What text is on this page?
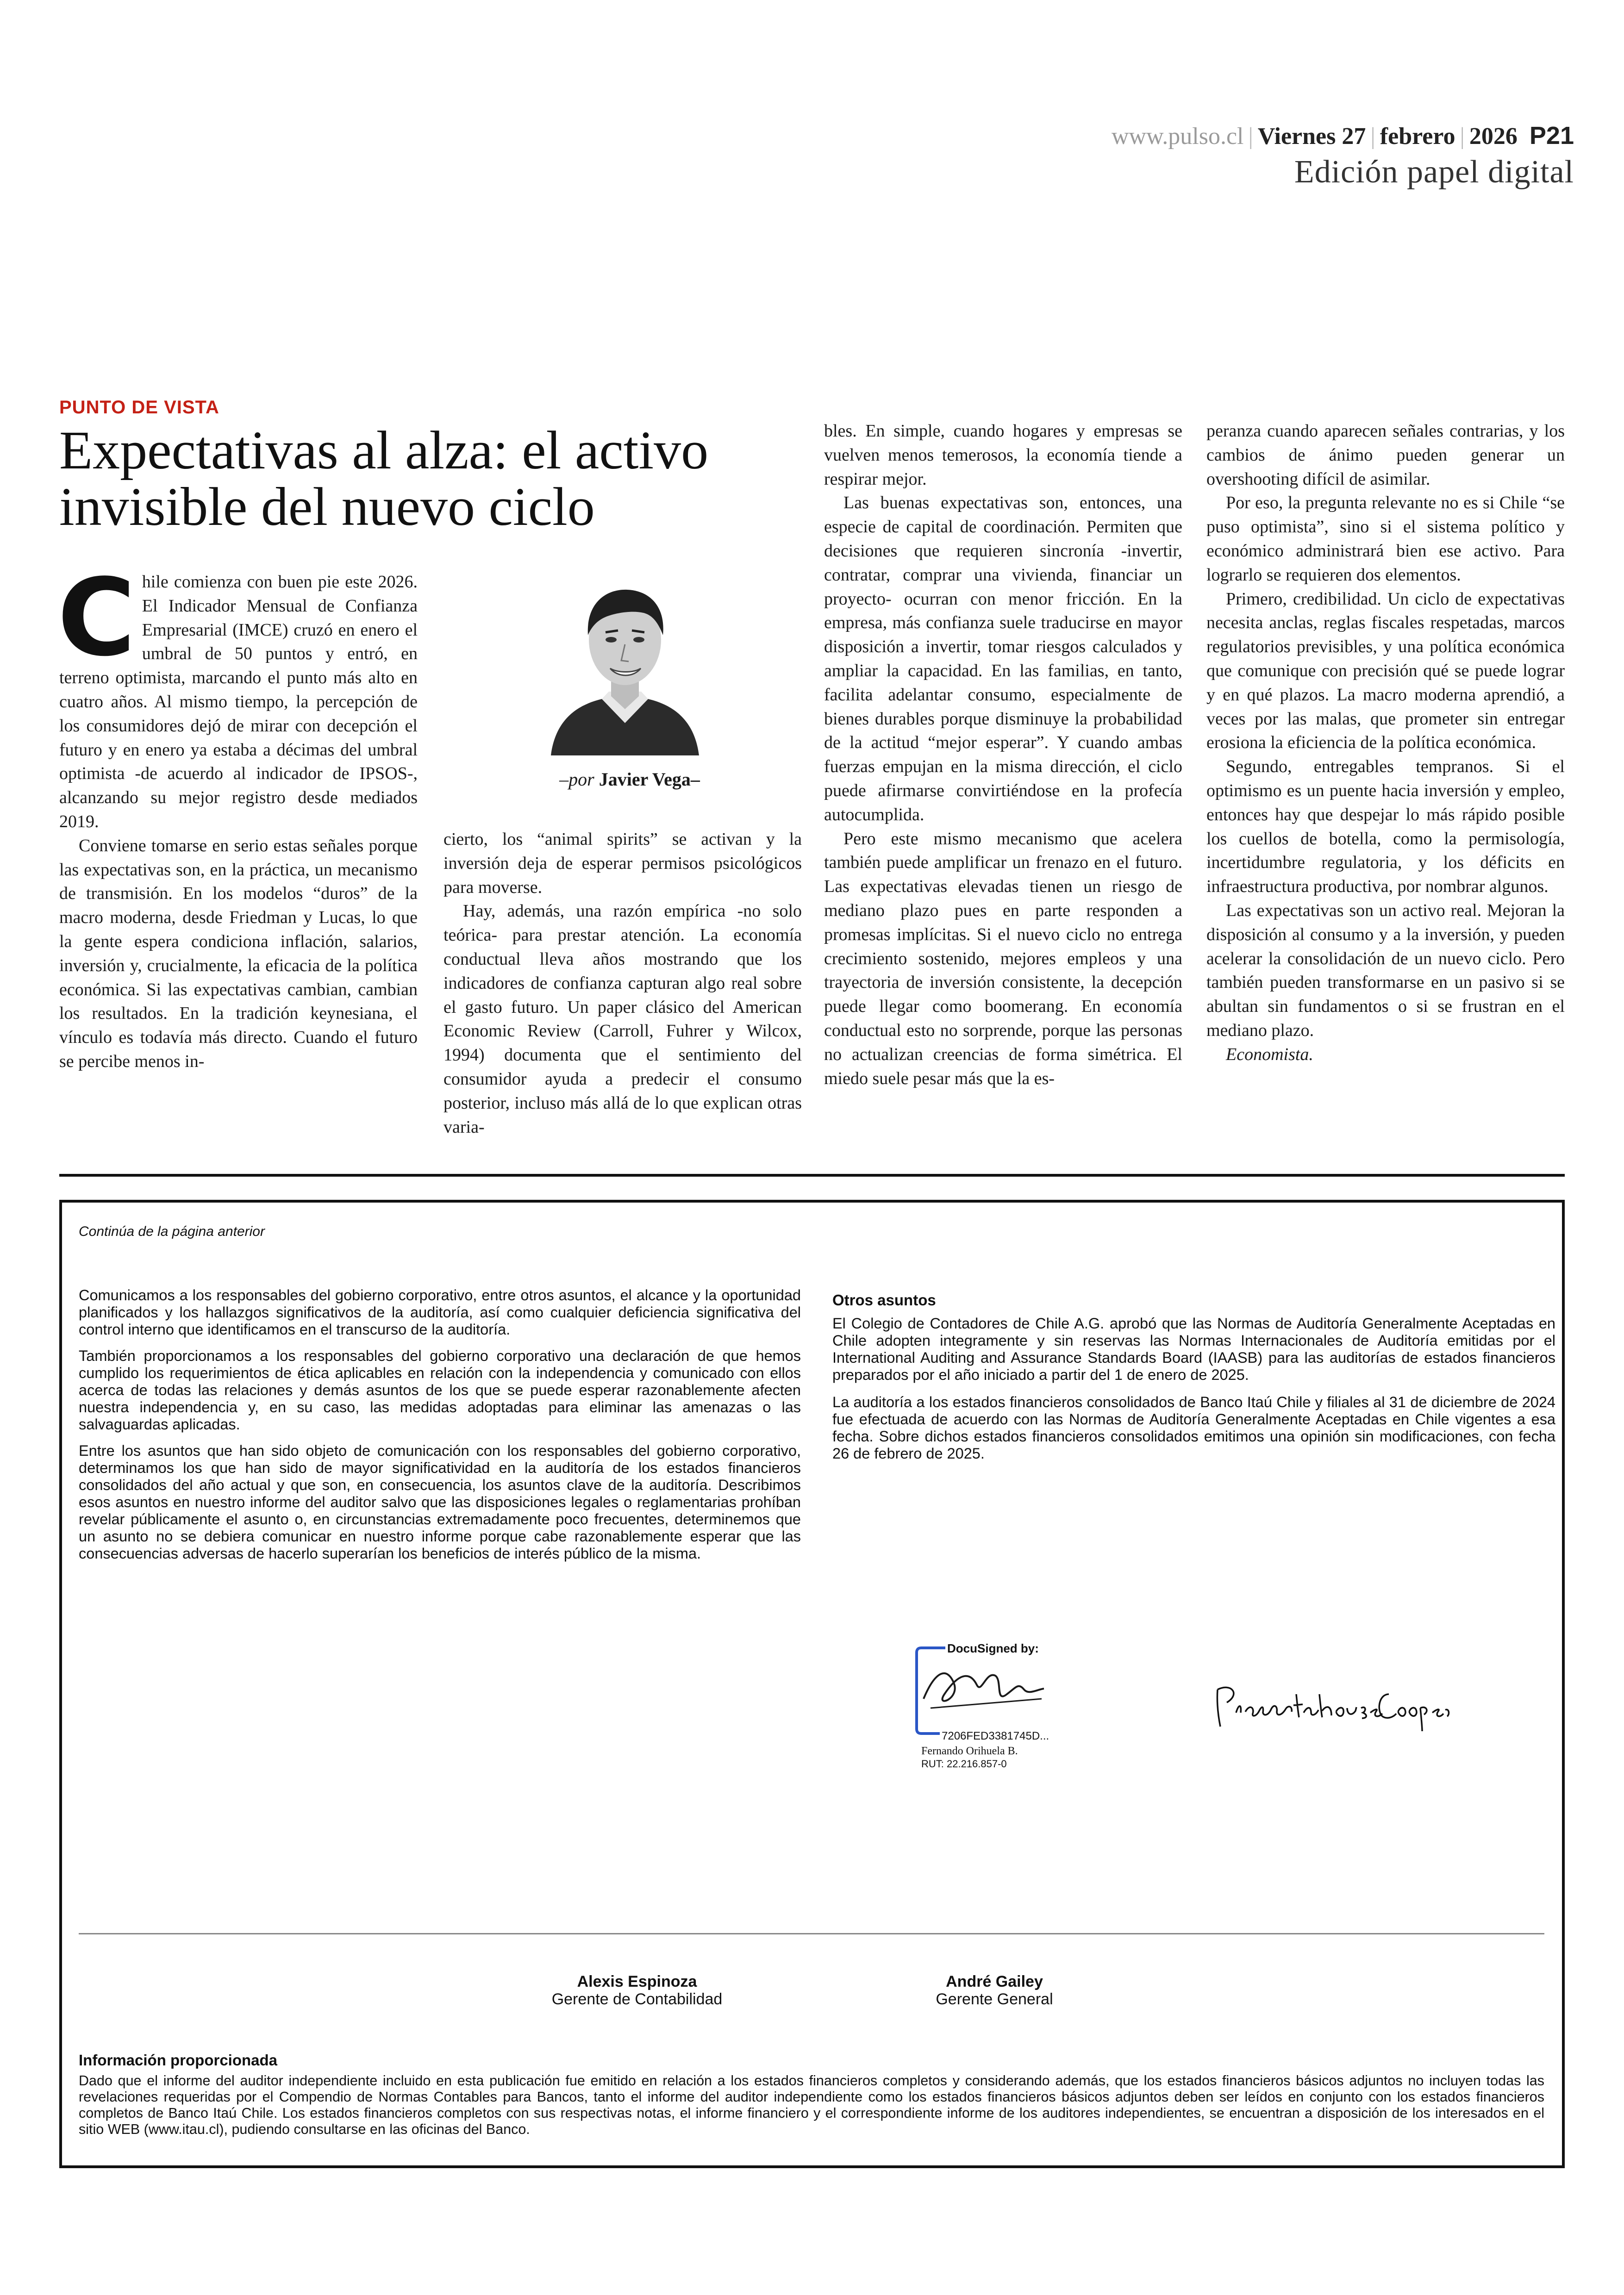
www.pulso.cl | Viernes 27 | febrero | 2026 P21
Edición papel digital
PUNTO DE VISTA
Expectativas al alza: el activo invisible del nuevo ciclo

Chile comienza con buen pie este 2026. El Indicador Mensual de Confianza Empresarial (IMCE) cruzó en enero el umbral de 50 puntos y entró, en terreno optimista, marcando el punto más alto en cuatro años. Al mismo tiempo, la percepción de los consumidores dejó de mirar con decepción el futuro y en enero ya estaba a décimas del umbral optimista -de acuerdo al indicador de IPSOS-, alcanzando su mejor registro desde mediados 2019.

Conviene tomarse en serio estas señales porque las expectativas son, en la práctica, un mecanismo de transmisión. En los modelos “duros” de la macro moderna, desde Friedman y Lucas, lo que la gente espera condiciona inflación, salarios, inversión y, crucialmente, la eficacia de la política económica. Si las expectativas cambian, cambian los resultados. En la tradición keynesiana, el vínculo es todavía más directo. Cuando el futuro se percibe menos in-

–por Javier Vega–

cierto, los “animal spirits” se activan y la inversión deja de esperar permisos psicológicos para moverse.

Hay, además, una razón empírica -no solo teórica- para prestar atención. La economía conductual lleva años mostrando que los indicadores de confianza capturan algo real sobre el gasto futuro. Un paper clásico del American Economic Review (Carroll, Fuhrer y Wilcox, 1994) documenta que el sentimiento del consumidor ayuda a predecir el consumo posterior, incluso más allá de lo que explican otras varia-

bles. En simple, cuando hogares y empresas se vuelven menos temerosos, la economía tiende a respirar mejor.

Las buenas expectativas son, entonces, una especie de capital de coordinación. Permiten que decisiones que requieren sincronía -invertir, contratar, comprar una vivienda, financiar un proyecto- ocurran con menor fricción. En la empresa, más confianza suele traducirse en mayor disposición a invertir, tomar riesgos calculados y ampliar la capacidad. En las familias, en tanto, facilita adelantar consumo, especialmente de bienes durables porque disminuye la probabilidad de la actitud “mejor esperar”. Y cuando ambas fuerzas empujan en la misma dirección, el ciclo puede afirmarse convirtiéndose en la profecía autocumplida.

Pero este mismo mecanismo que acelera también puede amplificar un frenazo en el futuro. Las expectativas elevadas tienen un riesgo de mediano plazo pues en parte responden a promesas implícitas. Si el nuevo ciclo no entrega crecimiento sostenido, mejores empleos y una trayectoria de inversión consistente, la decepción puede llegar como boomerang. En economía conductual esto no sorprende, porque las personas no actualizan creencias de forma simétrica. El miedo suele pesar más que la es-

peranza cuando aparecen señales contrarias, y los cambios de ánimo pueden generar un overshooting difícil de asimilar.

Por eso, la pregunta relevante no es si Chile “se puso optimista”, sino si el sistema político y económico administrará bien ese activo. Para lograrlo se requieren dos elementos.

Primero, credibilidad. Un ciclo de expectativas necesita anclas, reglas fiscales respetadas, marcos regulatorios previsibles, y una política económica que comunique con precisión qué se puede lograr y en qué plazos. La macro moderna aprendió, a veces por las malas, que prometer sin entregar erosiona la eficiencia de la política económica.

Segundo, entregables tempranos. Si el optimismo es un puente hacia inversión y empleo, entonces hay que despejar lo más rápido posible los cuellos de botella, como la permisología, incertidumbre regulatoria, y los déficits en infraestructura productiva, por nombrar algunos.

Las expectativas son un activo real. Mejoran la disposición al consumo y a la inversión, y pueden acelerar la consolidación de un nuevo ciclo. Pero también pueden transformarse en un pasivo si se abultan sin fundamentos o si se frustran en el mediano plazo.

Economista.

Continúa de la página anterior

Comunicamos a los responsables del gobierno corporativo, entre otros asuntos, el alcance y la oportunidad planificados y los hallazgos significativos de la auditoría, así como cualquier deficiencia significativa del control interno que identificamos en el transcurso de la auditoría.

También proporcionamos a los responsables del gobierno corporativo una declaración de que hemos cumplido los requerimientos de ética aplicables en relación con la independencia y comunicado con ellos acerca de todas las relaciones y demás asuntos de los que se puede esperar razonablemente afecten nuestra independencia y, en su caso, las medidas adoptadas para eliminar las amenazas o las salvaguardas aplicadas.

Entre los asuntos que han sido objeto de comunicación con los responsables del gobierno corporativo, determinamos los que han sido de mayor significatividad en la auditoría de los estados financieros consolidados del año actual y que son, en consecuencia, los asuntos clave de la auditoría. Describimos esos asuntos en nuestro informe del auditor salvo que las disposiciones legales o reglamentarias prohíban revelar públicamente el asunto o, en circunstancias extremadamente poco frecuentes, determinemos que un asunto no se debiera comunicar en nuestro informe porque cabe razonablemente esperar que las consecuencias adversas de hacerlo superarían los beneficios de interés público de la misma.

Otros asuntos

El Colegio de Contadores de Chile A.G. aprobó que las Normas de Auditoría Generalmente Aceptadas en Chile adopten integramente y sin reservas las Normas Internacionales de Auditoría emitidas por el International Auditing and Assurance Standards Board (IAASB) para las auditorías de estados financieros preparados por el año iniciado a partir del 1 de enero de 2025.

La auditoría a los estados financieros consolidados de Banco Itaú Chile y filiales al 31 de diciembre de 2024 fue efectuada de acuerdo con las Normas de Auditoría Generalmente Aceptadas en Chile vigentes a esa fecha. Sobre dichos estados financieros consolidados emitimos una opinión sin modificaciones, con fecha 26 de febrero de 2025.

DocuSigned by:
7206FED3381745D...
Fernando Orihuela B.
RUT: 22.216.857-0
PricewaterhouseCoopers
Alexis Espinoza
Gerente de Contabilidad
André Gailey
Gerente General
Información proporcionada
Dado que el informe del auditor independiente incluido en esta publicación fue emitido en relación a los estados financieros completos y considerando además, que los estados financieros básicos adjuntos no incluyen todas las revelaciones requeridas por el Compendio de Normas Contables para Bancos, tanto el informe del auditor independiente como los estados financieros básicos adjuntos deben ser leídos en conjunto con los estados financieros completos de Banco Itaú Chile. Los estados financieros completos con sus respectivas notas, el informe financiero y el correspondiente informe de los auditores independientes, se encuentran a disposición de los interesados en el sitio WEB (www.itau.cl), pudiendo consultarse en las oficinas del Banco.
